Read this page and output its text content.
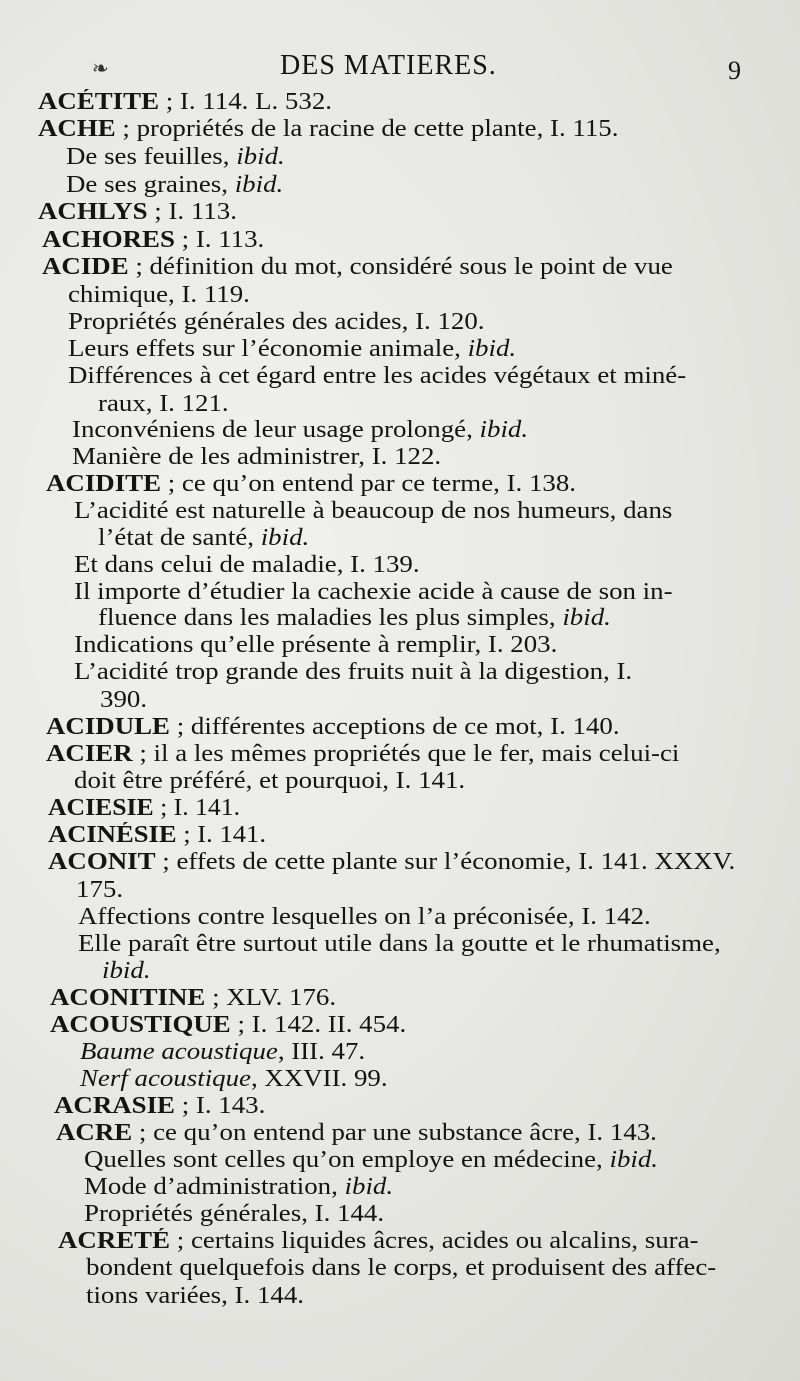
❧	DES MATIERES.	9
ACÉTITE ; I. 114. L. 532.
ACHE ; propriétés de la racine de cette plante, I. 115.
De ses feuilles, ibid.
De ses graines, ibid.
ACHLYS ; I. 113.
ACHORES ; I. 113.
ACIDE ; définition du mot, considéré sous le point de vue
chimique, I. 119.
Propriétés générales des acides, I. 120.
Leurs effets sur l’économie animale, ibid.
Différences à cet égard entre les acides végétaux et miné-
raux, I. 121.
Inconvéniens de leur usage prolongé, ibid.
Manière de les administrer, I. 122.
ACIDITE ; ce qu’on entend par ce terme, I. 138.
L’acidité est naturelle à beaucoup de nos humeurs, dans
l’état de santé, ibid.
Et dans celui de maladie, I. 139.
Il importe d’étudier la cachexie acide à cause de son in-
fluence dans les maladies les plus simples, ibid.
Indications qu’elle présente à remplir, I. 203.
L’acidité trop grande des fruits nuit à la digestion, I.
390.
ACIDULE ; différentes acceptions de ce mot, I. 140.
ACIER ; il a les mêmes propriétés que le fer, mais celui-ci
doit être préféré, et pourquoi, I. 141.
ACIESIE ; I. 141.
ACINÉSIE ; I. 141.
ACONIT ; effets de cette plante sur l’économie, I. 141. XXXV.
175.
Affections contre lesquelles on l’a préconisée, I. 142.
Elle paraît être surtout utile dans la goutte et le rhumatisme,
ibid.
ACONITINE ; XLV. 176.
ACOUSTIQUE ; I. 142. II. 454.
Baume acoustique, III. 47.
Nerf acoustique, XXVII. 99.
ACRASIE ; I. 143.
ACRE ; ce qu’on entend par une substance âcre, I. 143.
Quelles sont celles qu’on employe en médecine, ibid.
Mode d’administration, ibid.
Propriétés générales, I. 144.
ACRETÉ ; certains liquides âcres, acides ou alcalins, sura-
bondent quelquefois dans le corps, et produisent des affec-
tions variées, I. 144.
